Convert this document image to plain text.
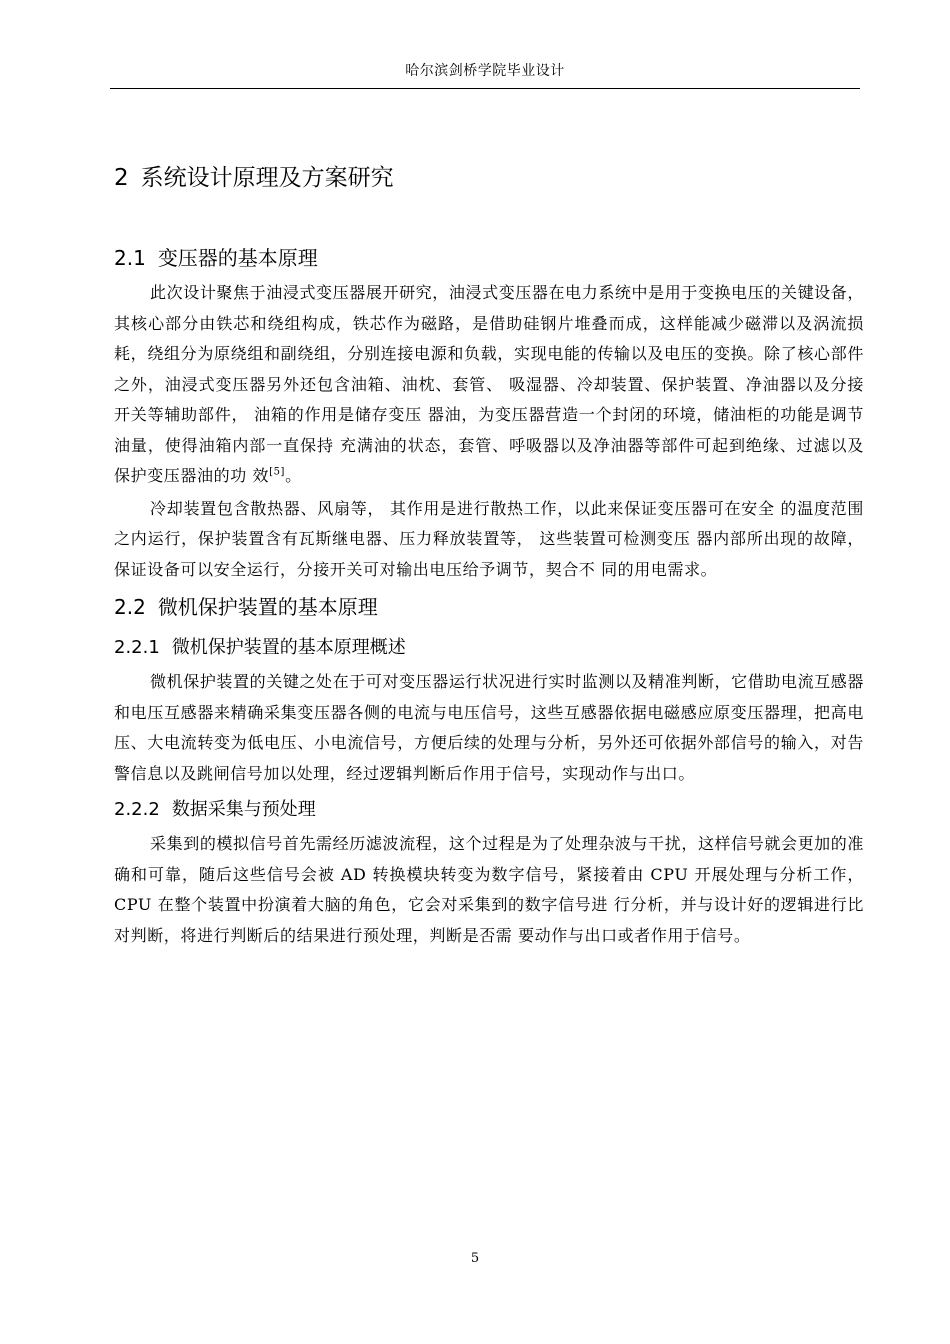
哈尔滨剑桥学院毕业设计
2 系统设计原理及方案研究
2.1 变压器的基本原理

此次设计聚焦于油浸式变压器展开研究，油浸式变压器在电力系统中是用于变换电压的关键设备，其核心部分由铁芯和绕组构成，铁芯作为磁路，是借助硅钢片堆叠而成，这样能减少磁滞以及涡流损耗，绕组分为原绕组和副绕组，分别连接电源和负载，实现电能的传输以及电压的变换。除了核心部件之外，油浸式变压器另外还包含油箱、油枕、套管、 吸湿器、冷却装置、保护装置、净油器以及分接开关等辅助部件， 油箱的作用是储存变压 器油，为变压器营造一个封闭的环境，储油柜的功能是调节油量，使得油箱内部一直保持 充满油的状态，套管、呼吸器以及净油器等部件可起到绝缘、过滤以及保护变压器油的功 效[5]。

冷却装置包含散热器、风扇等， 其作用是进行散热工作，以此来保证变压器可在安全 的温度范围之内运行，保护装置含有瓦斯继电器、压力释放装置等， 这些装置可检测变压 器内部所出现的故障，保证设备可以安全运行，分接开关可对输出电压给予调节，契合不 同的用电需求。

2.2 微机保护装置的基本原理
2.2.1 微机保护装置的基本原理概述

微机保护装置的关键之处在于可对变压器运行状况进行实时监测以及精准判断，它借助电流互感器和电压互感器来精确采集变压器各侧的电流与电压信号，这些互感器依据电磁感应原变压器理，把高电压、大电流转变为低电压、小电流信号，方便后续的处理与分析，另外还可依据外部信号的输入，对告警信息以及跳闸信号加以处理，经过逻辑判断后作用于信号，实现动作与出口。

2.2.2 数据采集与预处理

采集到的模拟信号首先需经历滤波流程，这个过程是为了处理杂波与干扰，这样信号就会更加的准确和可靠，随后这些信号会被 AD 转换模块转变为数字信号，紧接着由 CPU 开展处理与分析工作，CPU 在整个装置中扮演着大脑的角色，它会对采集到的数字信号进 行分析，并与设计好的逻辑进行比对判断，将进行判断后的结果进行预处理，判断是否需 要动作与出口或者作用于信号。

5
